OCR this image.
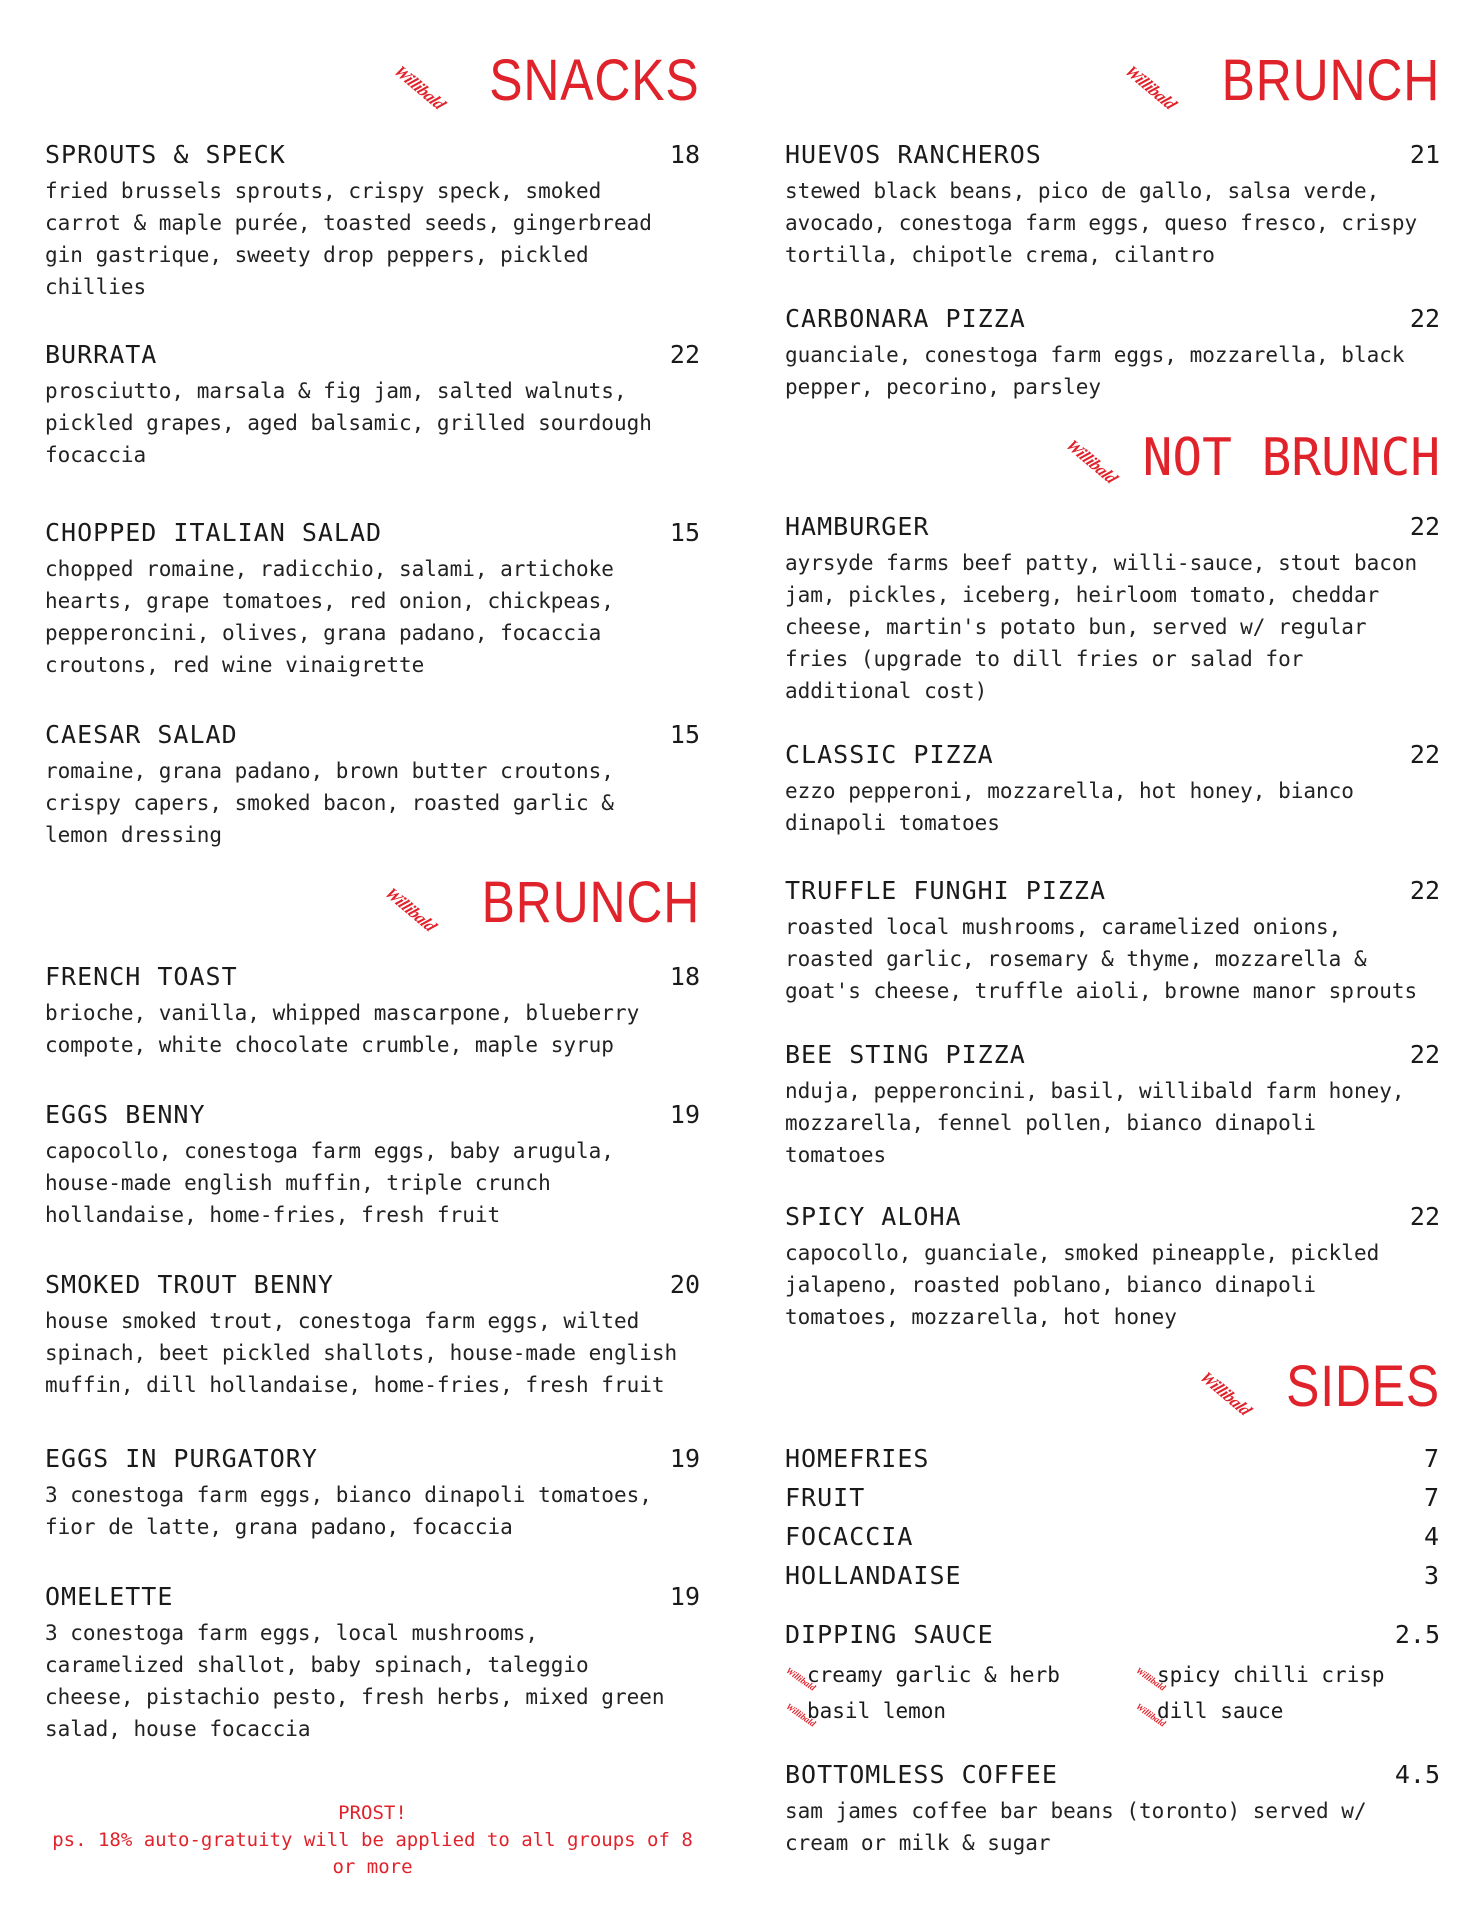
Willibald SNACKS
SPROUTS & SPECK	18
fried brussels sprouts, crispy speck, smoked
carrot & maple purée, toasted seeds, gingerbread
gin gastrique, sweety drop peppers, pickled
chillies
BURRATA	22
prosciutto, marsala & fig jam, salted walnuts,
pickled grapes, aged balsamic, grilled sourdough
focaccia
CHOPPED ITALIAN SALAD	15
chopped romaine, radicchio, salami, artichoke
hearts, grape tomatoes, red onion, chickpeas,
pepperoncini, olives, grana padano, focaccia
croutons, red wine vinaigrette
CAESAR SALAD	15
romaine, grana padano, brown butter croutons,
crispy capers, smoked bacon, roasted garlic &
lemon dressing
Willibald BRUNCH
FRENCH TOAST	18
brioche, vanilla, whipped mascarpone, blueberry
compote, white chocolate crumble, maple syrup
EGGS BENNY	19
capocollo, conestoga farm eggs, baby arugula,
house-made english muffin, triple crunch
hollandaise, home-fries, fresh fruit
SMOKED TROUT BENNY	20
house smoked trout, conestoga farm eggs, wilted
spinach, beet pickled shallots, house-made english
muffin, dill hollandaise, home-fries, fresh fruit
EGGS IN PURGATORY	19
3 conestoga farm eggs, bianco dinapoli tomatoes,
fior de latte, grana padano, focaccia
OMELETTE	19
3 conestoga farm eggs, local mushrooms,
caramelized shallot, baby spinach, taleggio
cheese, pistachio pesto, fresh herbs, mixed green
salad, house focaccia
PROST!
ps. 18% auto-gratuity will be applied to all groups of 8
or more
Willibald BRUNCH
HUEVOS RANCHEROS	21
stewed black beans, pico de gallo, salsa verde,
avocado, conestoga farm eggs, queso fresco, crispy
tortilla, chipotle crema, cilantro
CARBONARA PIZZA	22
guanciale, conestoga farm eggs, mozzarella, black
pepper, pecorino, parsley
Willibald NOT BRUNCH
HAMBURGER	22
ayrsyde farms beef patty, willi-sauce, stout bacon
jam, pickles, iceberg, heirloom tomato, cheddar
cheese, martin's potato bun, served w/ regular
fries (upgrade to dill fries or salad for
additional cost)
CLASSIC PIZZA	22
ezzo pepperoni, mozzarella, hot honey, bianco
dinapoli tomatoes
TRUFFLE FUNGHI PIZZA	22
roasted local mushrooms, caramelized onions,
roasted garlic, rosemary & thyme, mozzarella &
goat's cheese, truffle aioli, browne manor sprouts
BEE STING PIZZA	22
nduja, pepperoncini, basil, willibald farm honey,
mozzarella, fennel pollen, bianco dinapoli
tomatoes
SPICY ALOHA	22
capocollo, guanciale, smoked pineapple, pickled
jalapeno, roasted poblano, bianco dinapoli
tomatoes, mozzarella, hot honey
Willibald SIDES
HOMEFRIES	7
FRUIT	7
FOCACCIA	4
HOLLANDAISE	3
DIPPING SAUCE	2.5
Willibald
creamy garlic & herb	Willibald
spicy chilli crisp
Willibald
basil lemon	Willibald
dill sauce
BOTTOMLESS COFFEE	4.5
sam james coffee bar beans (toronto) served w/
cream or milk & sugar
